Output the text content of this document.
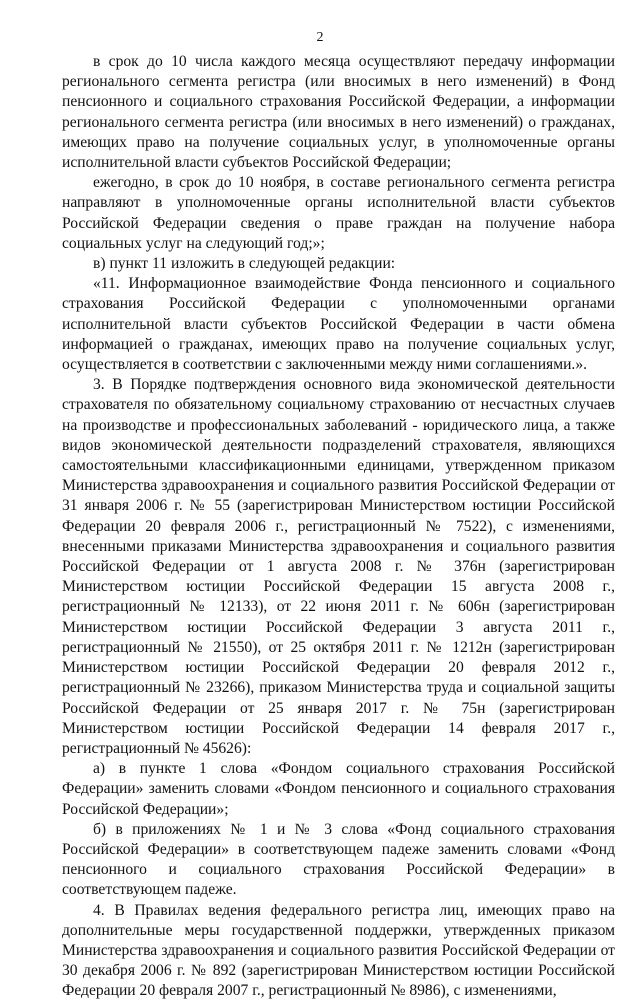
2

в срок до 10 числа каждого месяца осуществляют передачу информации регионального сегмента регистра (или вносимых в него изменений) в Фонд пенсионного и социального страхования Российской Федерации, а информации регионального сегмента регистра (или вносимых в него изменений) о гражданах, имеющих право на получение социальных услуг, в уполномоченные органы исполнительной власти субъектов Российской Федерации;

ежегодно, в срок до 10 ноября, в составе регионального сегмента регистра направляют в уполномоченные органы исполнительной власти субъектов Российской Федерации сведения о праве граждан на получение набора социальных услуг на следующий год;»;

в) пункт 11 изложить в следующей редакции:

«11. Информационное взаимодействие Фонда пенсионного и социального страхования Российской Федерации с уполномоченными органами исполнительной власти субъектов Российской Федерации в части обмена информацией о гражданах, имеющих право на получение социальных услуг, осуществляется в соответствии с заключенными между ними соглашениями.».

3. В Порядке подтверждения основного вида экономической деятельности страхователя по обязательному социальному страхованию от несчастных случаев на производстве и профессиональных заболеваний - юридического лица, а также видов экономической деятельности подразделений страхователя, являющихся самостоятельными классификационными единицами, утвержденном приказом Министерства здравоохранения и социального развития Российской Федерации от 31 января 2006 г. № 55 (зарегистрирован Министерством юстиции Российской Федерации 20 февраля 2006 г., регистрационный № 7522), с изменениями, внесенными приказами Министерства здравоохранения и социального развития Российской Федерации от 1 августа 2008 г. № 376н (зарегистрирован Министерством юстиции Российской Федерации 15 августа 2008 г., регистрационный № 12133), от 22 июня 2011 г. № 606н (зарегистрирован Министерством юстиции Российской Федерации 3 августа 2011 г., регистрационный № 21550), от 25 октября 2011 г. № 1212н (зарегистрирован Министерством юстиции Российской Федерации 20 февраля 2012 г., регистрационный № 23266), приказом Министерства труда и социальной защиты Российской Федерации от 25 января 2017 г. № 75н (зарегистрирован Министерством юстиции Российской Федерации 14 февраля 2017 г., регистрационный № 45626):

а) в пункте 1 слова «Фондом социального страхования Российской Федерации» заменить словами «Фондом пенсионного и социального страхования Российской Федерации»;

б) в приложениях № 1 и № 3 слова «Фонд социального страхования Российской Федерации» в соответствующем падеже заменить словами «Фонд пенсионного и социального страхования Российской Федерации» в соответствующем падеже.

4. В Правилах ведения федерального регистра лиц, имеющих право на дополнительные меры государственной поддержки, утвержденных приказом Министерства здравоохранения и социального развития Российской Федерации от 30 декабря 2006 г. № 892 (зарегистрирован Министерством юстиции Российской Федерации 20 февраля 2007 г., регистрационный № 8986), с изменениями,
